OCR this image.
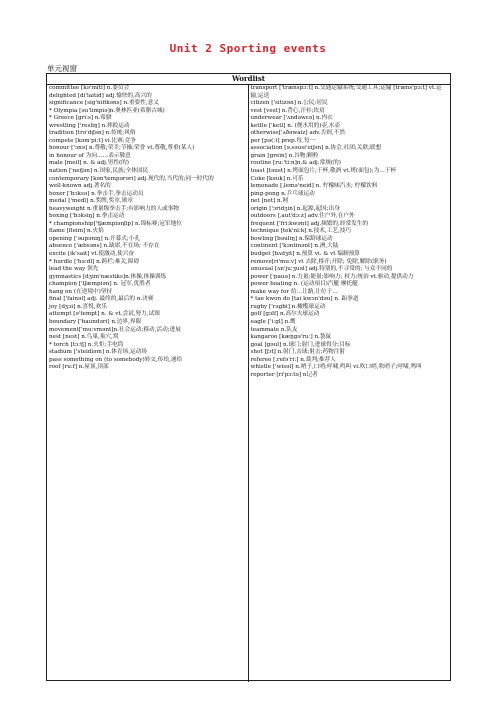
Unit 2 Sporting events
单元视窗
Wordlist
committee [kə'miti] n.委员会
delighted [di'laitid] adj.愉快的,高兴的
significance [sig'nifikəns] n.重要性,意义
* Olympia [əu'limpiə]n.奥林匹亚(希腊古城)
* Greece [gri:s] n.希腊
wrestling ['resliŋ] n.摔跤运动
tradition [trə'diʃən] n.传统;风俗
compete [kəm'pi:t] vi.比赛;竞争
honour ['ɔnə] n.尊敬;荣幸;节操;荣誉 vt.尊敬,尊重(某人)
in honour of 为向……表示敬意
male [meil] n. & adj.男性(的)
nation ['neiʃən] n.国家,民族;全体国民
contemporary [kən'tempərəri] adj.现代的,当代的;同一时代的
well-known adj.著名的
boxer ['bɔksə] n.拳击手,拳击运动员
medal ['medl] n.奖牌,奖章,勋章
heavyweight n.重量级拳击手;有影响力的人或事物
boxing ['bɔksiŋ] n.拳击运动
* championship['tʃæmpiənʃip] n.锦标赛;冠军地位
flame [fleim] n.火焰
opening ['əupəniŋ] n.开幕式;小孔
absence ['æbsəns] n.缺席,不在场; 不存在
excite [ik'sait] vt.使激动,使兴奋
* hurdle ['hə:dl] n.跨栏;难关,障碍
lead the way 领先
gymnastics [dʒim'næstiks]n.体操,体操训练
champion ['tʃæmpiən] n. 冠军,优胜者
hang on (在逆境中)坚持
final ['fainəl] adj. 最终的,最后的 n.决赛
joy [dʒɔi] n.喜悦,欢乐
attempt [ə'tempt] n. & vt.尝试,努力,试图
boundary ['baundəri] n.边界,界限
movement['mu:vmənt]n.社会运动;移动,活动;进展
nest [nest] n.鸟巢,巢穴,窝
* torch [tɔ:tʃ] n.火炬;手电筒
stadium ['steidiəm] n.体育场,运动场
pass something on (to somebody)转交,传给,递给
roof [ru:f] n.屋顶,顶部
transport ['trænspɔ:t] n.交通运输系统;交通工具;运输 [træns'pɔ:t] vt.运输,运送
citizen ['sitizən] n.公民;居民
vest [vest] n.背心,汗衫;坎肩
underwear ['ʌndəwɛə] n.内衣
kettle ['ketl] n. (烧水用的)壶,水壶
otherwise['ʌðəwaiz] adv.否则,不然
per [pə(:)] prep.每,每一
association [əˌsəusi'eiʃən] n.协会,社团;关联;联想
grain [grein] n.谷物;颗粒
routine [ru:'ti:n]n.& adj.常规(的)
toast [təust] n.烤面包片;干杯,敬酒 vt.烤(面包);为…干杯
Coke [kəuk] n.可乐
lemonade [ˌlemə'neid] n. 柠檬味汽水; 柠檬饮料
ping-pong n.乒乓球运动
net [net] n.网
origin ['ɔridʒin] n.起源,起因;出身
outdoors [ˌaut'dɔ:z] adv.往户外,在户外
frequent ['fri:kwənt] adj.频繁的,经常发生的
technique [tek'ni:k] n.技术,工艺,技巧
bowling [bəuliŋ] n.保龄球运动
continent ['kɔntinənt] n.洲,大陆
budget [bʌdʒit] n.预算 vi. & vt 编制预算
remove[ri'mu:v] vt 去除,移开;开除; 免除,解除(职务)
unusual [ʌn'ju:ʒuəl] adj.特别的,不寻常的; 与众不同的
power ['pauə] n.力量;能量;影响力; 权力;统治 vt.驱动,提供动力
power boating n. (运动项目)汽艇 摩托艇
make way for 给…让路,让位于…
* tae kwon do [tai kwɔn'dəu] n. 跆拳道
rugby ['rʌgbi] n.橄榄球运动
golf [gɔlf] n.高尔夫球运动
eagle ['i:gl] n.鹰
teammate n.队友
kangaroo [kæŋgə'ru:] n.袋鼠
goal [gəul] n.球门;射门,进球得分;目标
shot [ʃɔt] n.射门,击球;射击;药物注射
referee [ˌrefə'ri:] n.裁判;推荐人
whistle ['wisəl] n.哨子,口哨;呼啸,鸣叫 vi.吹口哨,吹哨子;呼啸,鸣叫
reporter [ri'pɔ:tə] n记者
